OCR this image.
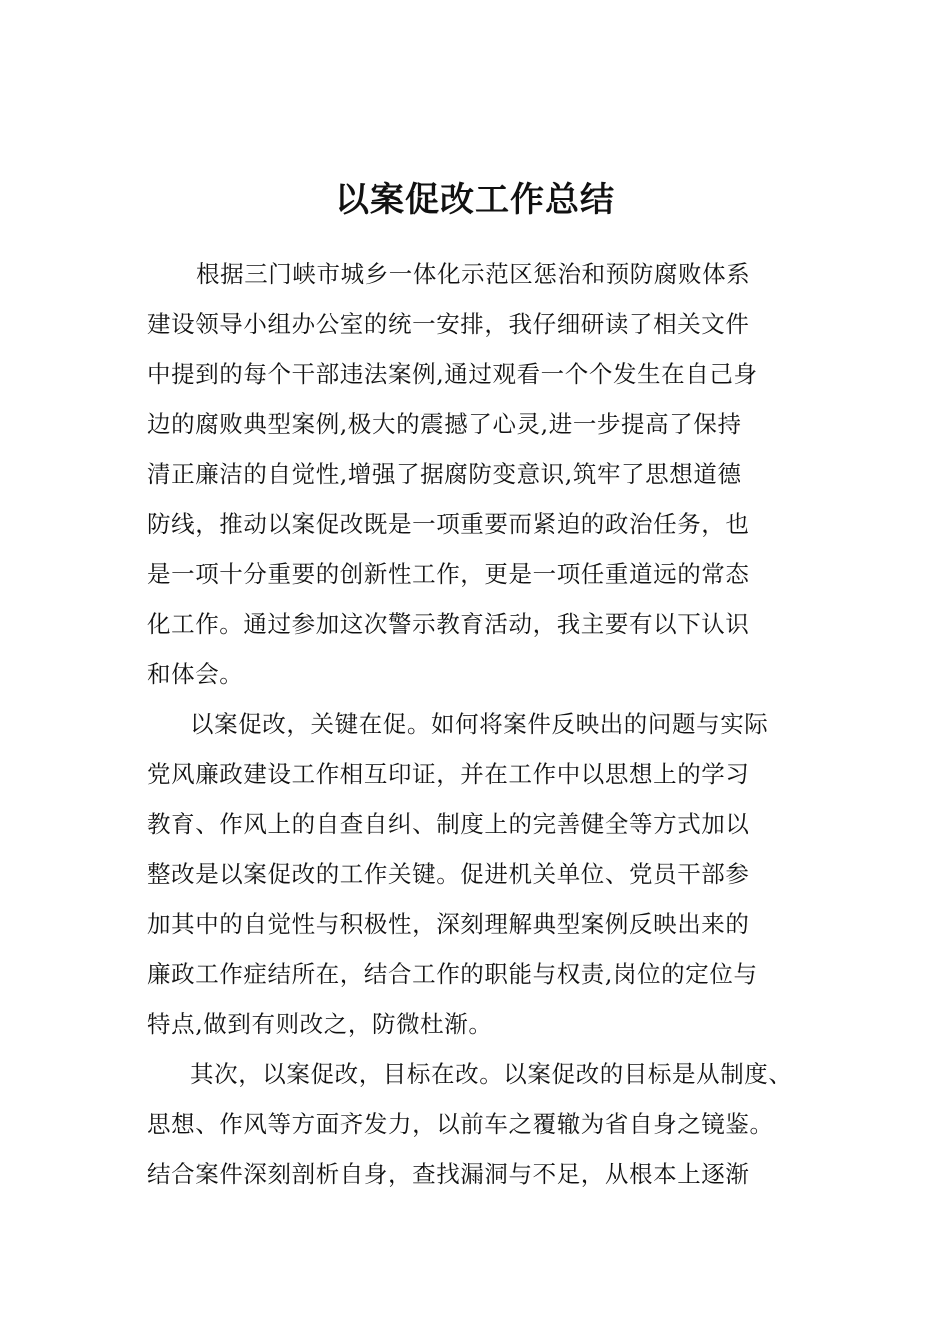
以案促改工作总结
根据三门峡市城乡一体化示范区惩治和预防腐败体系
建设领导小组办公室的统一安排，我仔细研读了相关文件
中提到的每个干部违法案例,通过观看一个个发生在自己身
边的腐败典型案例,极大的震撼了心灵,进一步提高了保持
清正廉洁的自觉性,增强了据腐防变意识,筑牢了思想道德
防线，推动以案促改既是一项重要而紧迫的政治任务，也
是一项十分重要的创新性工作，更是一项任重道远的常态
化工作。通过参加这次警示教育活动，我主要有以下认识
和体会。
以案促改，关键在促。如何将案件反映出的问题与实际
党风廉政建设工作相互印证，并在工作中以思想上的学习
教育、作风上的自查自纠、制度上的完善健全等方式加以
整改是以案促改的工作关键。促进机关单位、党员干部参
加其中的自觉性与积极性，深刻理解典型案例反映出来的
廉政工作症结所在，结合工作的职能与权责,岗位的定位与
特点,做到有则改之，防微杜渐。
其次，以案促改，目标在改。以案促改的目标是从制度、
思想、作风等方面齐发力，以前车之覆辙为省自身之镜鉴。
结合案件深刻剖析自身，查找漏洞与不足，从根本上逐渐
